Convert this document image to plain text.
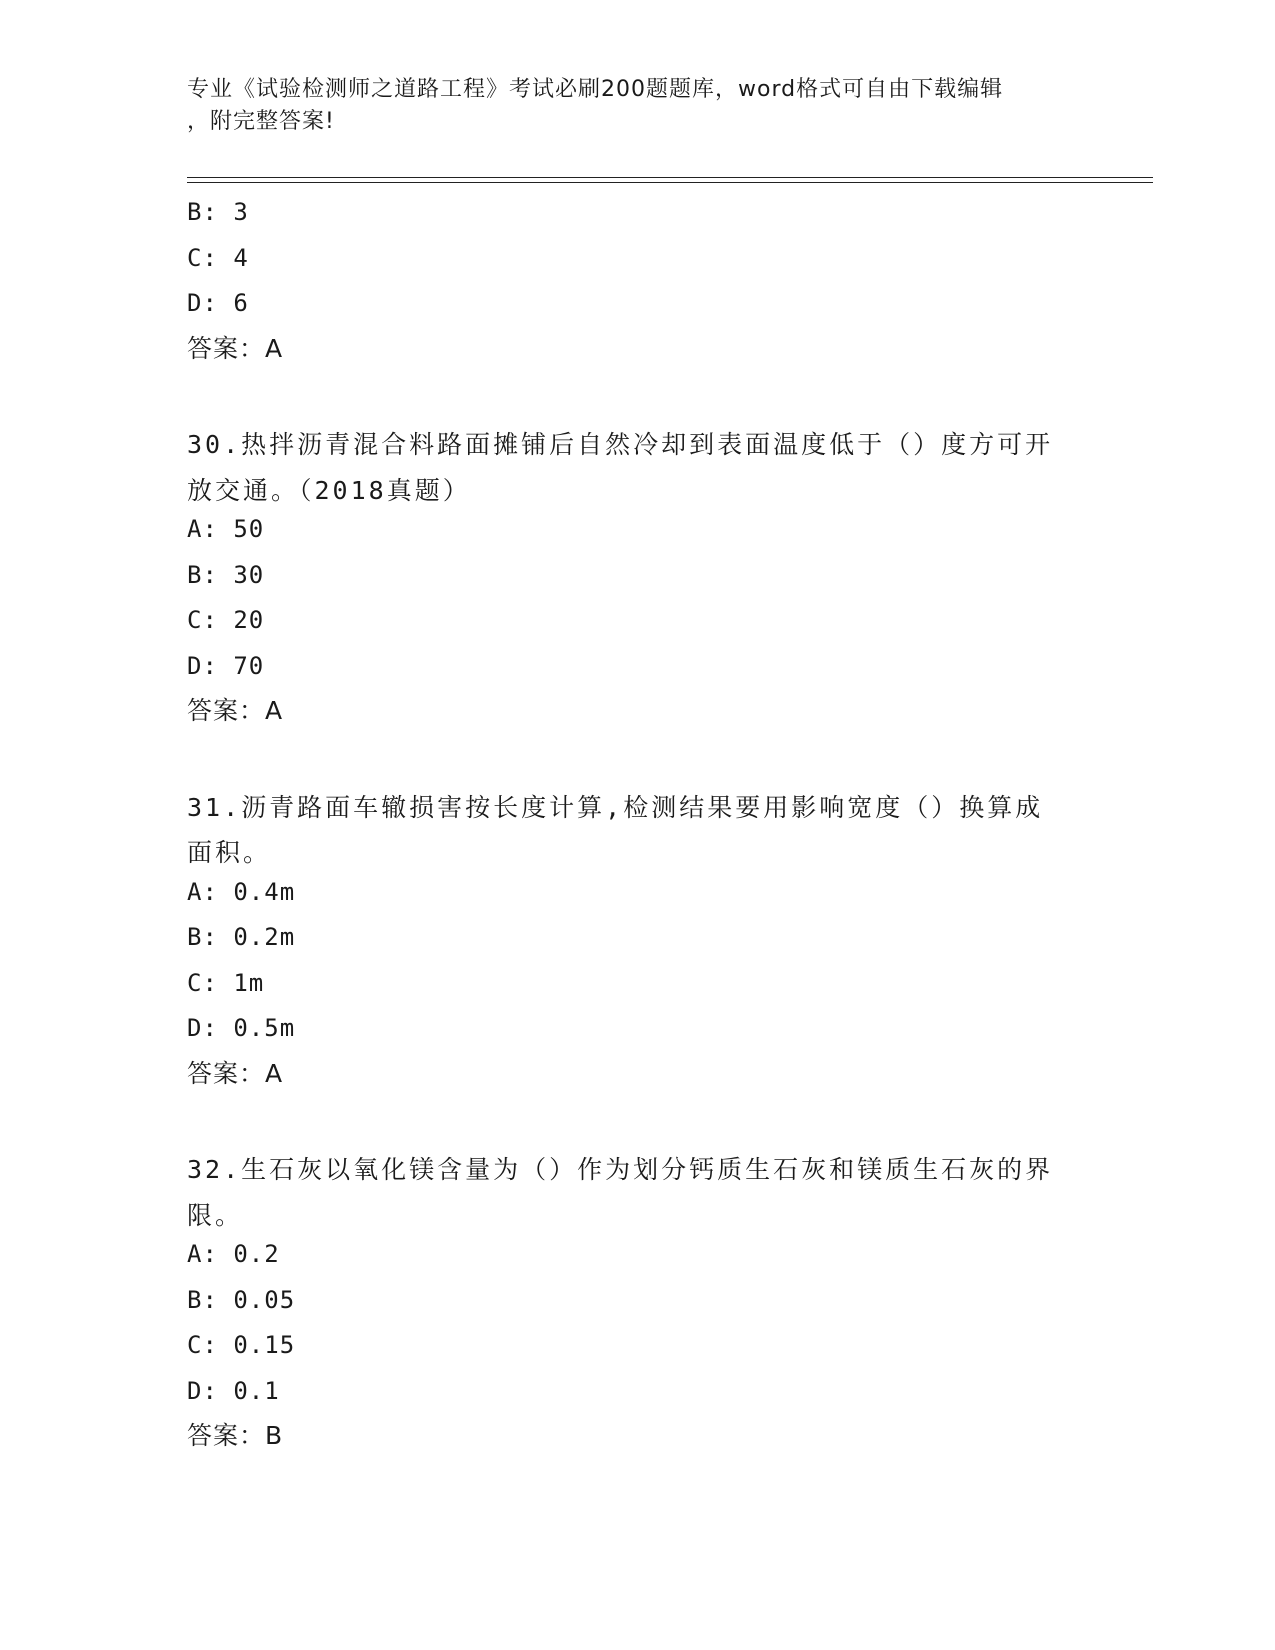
专业《试验检测师之道路工程》考试必刷200题题库，word格式可自由下载编辑
，附完整答案!
B: 3
C: 4
D: 6
答案：A
30.热拌沥青混合料路面摊铺后自然冷却到表面温度低于（）度方可开
放交通。（2018真题）
A: 50
B: 30
C: 20
D: 70
答案：A
31.沥青路面车辙损害按长度计算,检测结果要用影响宽度（）换算成
面积。
A: 0.4m
B: 0.2m
C: 1m
D: 0.5m
答案：A
32.生石灰以氧化镁含量为（）作为划分钙质生石灰和镁质生石灰的界
限。
A: 0.2
B: 0.05
C: 0.15
D: 0.1
答案：B
